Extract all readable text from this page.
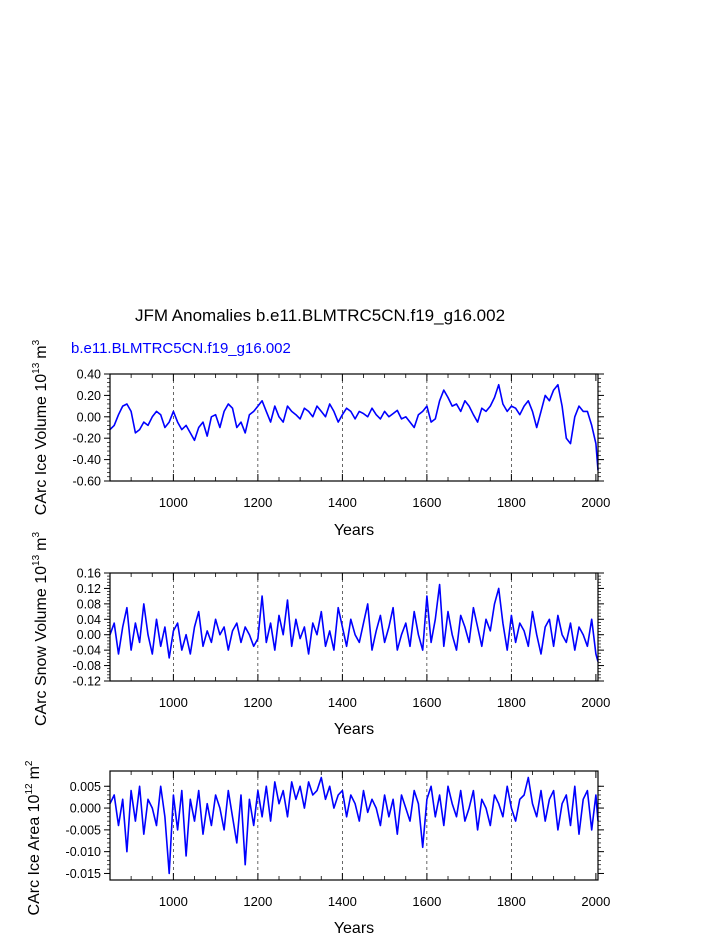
JFM Anomalies b.e11.BLMTRC5CN.f19_g16.002
b.e11.BLMTRC5CN.f19_g16.002
1000	1200	1400	1600	1800	2000
0.40
0.20
0.00
-0.20
-0.40
-0.60
Years
CArc Ice Volume $10^{13}m^3$
1000	1200	1400	1600	1800	2000
0.16
0.12
0.08
0.04
0.00
-0.04
-0.08
-0.12
Years
CArc Snow Volume $10^{13}m^3$
1000	1200	1400	1600	1800	2000
0.005
0.000
-0.005
-0.010
-0.015
Years
CArc Ice Area $10^{12}m^2$
